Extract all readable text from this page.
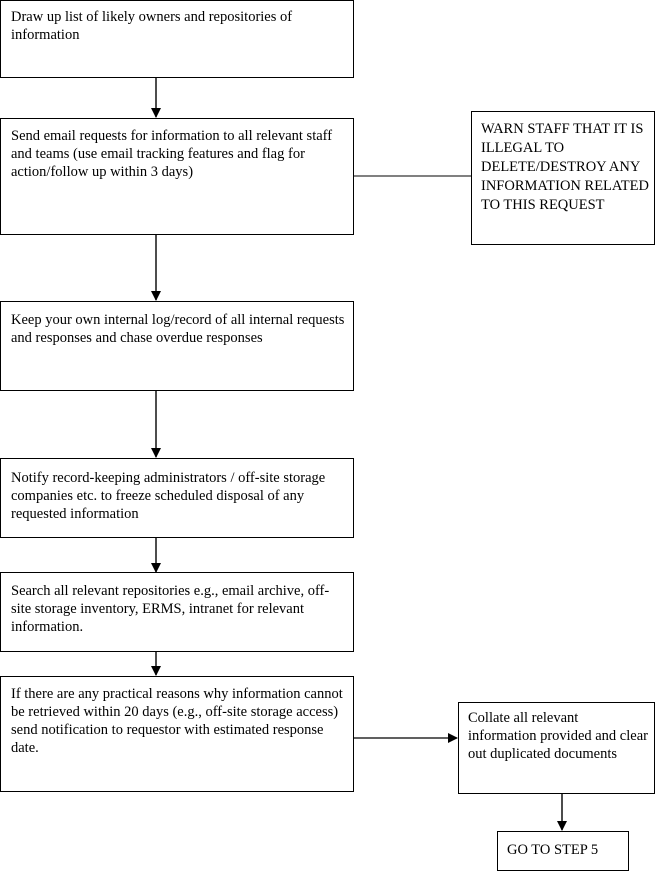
Draw up list of likely owners and repositories of information

Send email requests for information to all relevant staff and teams (use email tracking features and flag for action/follow up within 3 days)

WARN STAFF THAT IT IS ILLEGAL TO DELETE/DESTROY ANY INFORMATION RELATED TO THIS REQUEST

Keep your own internal log/record of all internal requests and responses and chase overdue responses

Notify record-keeping administrators / off-site storage companies etc. to freeze scheduled disposal of any requested information

Search all relevant repositories e.g., email archive, off-site storage inventory, ERMS, intranet for relevant information.

If there are any practical reasons why information cannot be retrieved within 20 days (e.g., off-site storage access) send notification to requestor with estimated response date.

Collate all relevant information provided and clear out duplicated documents

GO TO STEP 5
